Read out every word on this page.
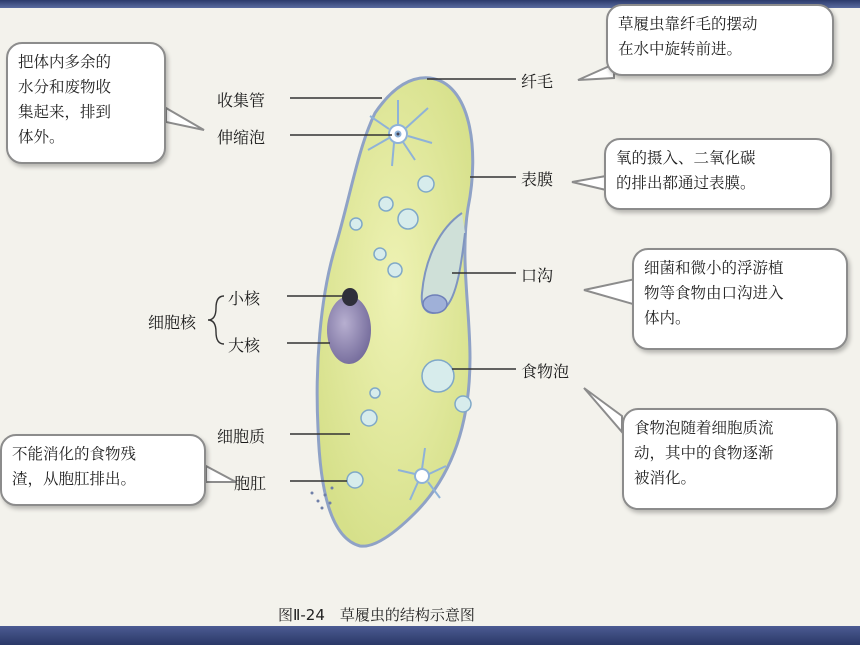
把体内多余的
水分和废物收
集起来，排到
体外。
草履虫靠纤毛的摆动
在水中旋转前进。
氧的摄入、二氧化碳
的排出都通过表膜。
细菌和微小的浮游植
物等食物由口沟进入
体内。
食物泡随着细胞质流
动，其中的食物逐渐
被消化。
不能消化的食物残
渣，从胞肛排出。
收集管
伸缩泡
纤毛
表膜
口沟
细胞核
小核
大核
食物泡
细胞质
胞肛
图Ⅱ-24　草履虫的结构示意图
